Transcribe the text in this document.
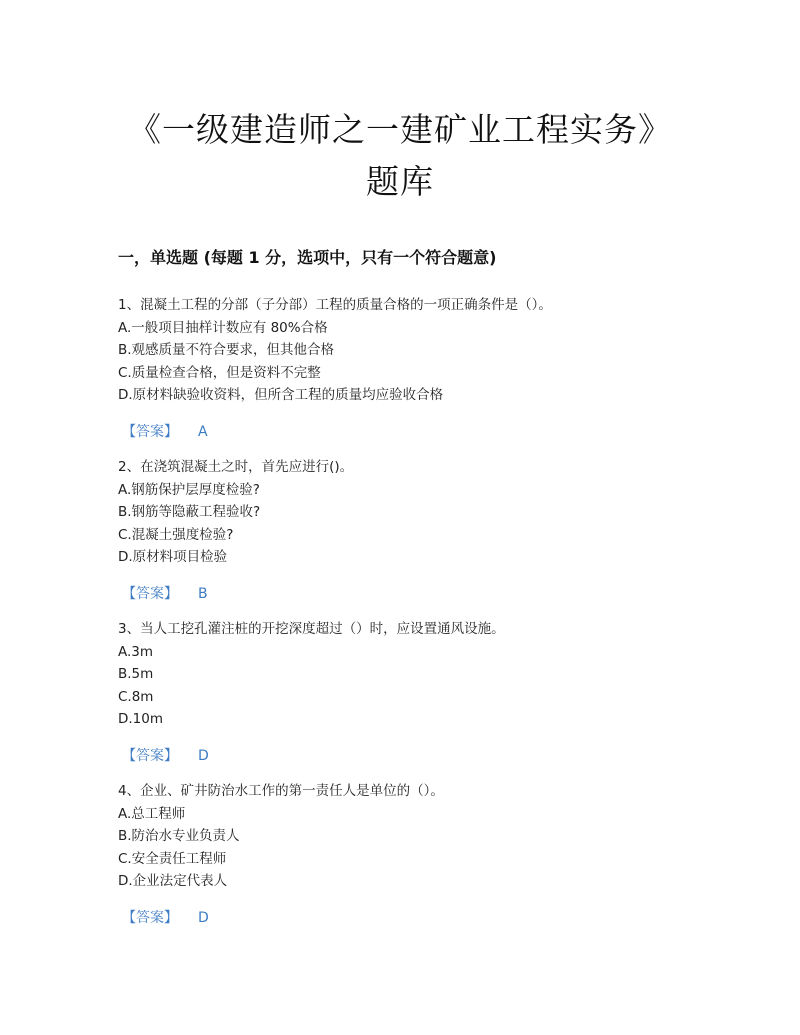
《一级建造师之一建矿业工程实务》
题库
一，单选题 (每题 1 分，选项中，只有一个符合题意)
1、混凝土工程的分部（子分部）工程的质量合格的一项正确条件是（）。
A.一般项目抽样计数应有 80%合格
B.观感质量不符合要求，但其他合格
C.质量检查合格，但是资料不完整
D.原材料缺验收资料，但所含工程的质量均应验收合格
【答案】 A
2、在浇筑混凝土之时，首先应进行()。
A.钢筋保护层厚度检验?
B.钢筋等隐蔽工程验收?
C.混凝土强度检验?
D.原材料项目检验
【答案】 B
3、当人工挖孔灌注桩的开挖深度超过（）时，应设置通风设施。
A.3m
B.5m
C.8m
D.10m
【答案】 D
4、企业、矿井防治水工作的第一责任人是单位的（）。
A.总工程师
B.防治水专业负责人
C.安全责任工程师
D.企业法定代表人
【答案】 D
